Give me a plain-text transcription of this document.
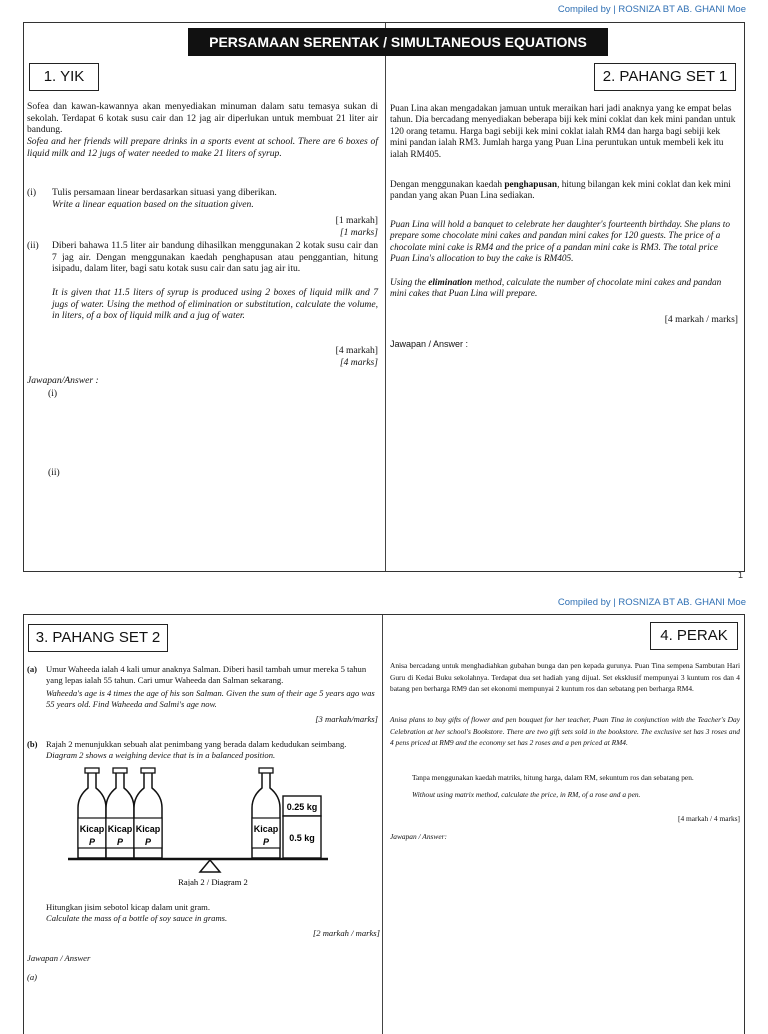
Compiled by | ROSNIZA BT AB. GHANI Moe
PERSAMAAN SERENTAK / SIMULTANEOUS EQUATIONS
1. YIK
Sofea dan kawan-kawannya akan menyediakan minuman dalam satu temasya sukan di sekolah. Terdapat 6 kotak susu cair dan 12 jag air diperlukan untuk membuat 21 liter air bandung.
Sofea and her friends will prepare drinks in a sports event at school. There are 6 boxes of liquid milk and 12 jugs of water needed to make 21 liters of syrup.
(i)	Tulis persamaan linear berdasarkan situasi yang diberikan.
Write a linear equation based on the situation given.
[1 markah]
[1 marks]
(ii)	Diberi bahawa 11.5 liter air bandung dihasilkan menggunakan 2 kotak susu cair dan 7 jag air. Dengan menggunakan kaedah penghapusan atau penggantian, hitung isipadu, dalam liter, bagi satu kotak susu cair dan satu jag air itu.
It is given that 11.5 liters of syrup is produced using 2 boxes of liquid milk and 7 jugs of water. Using the method of elimination or substitution, calculate the volume, in liters, of a box of liquid milk and a jug of water.
[4 markah]
[4 marks]
Jawapan/Answer :
(i)
(ii)
2. PAHANG SET 1
Puan Lina akan mengadakan jamuan untuk meraikan hari jadi anaknya yang ke empat belas tahun. Dia bercadang menyediakan beberapa biji kek mini coklat dan kek mini pandan untuk 120 orang tetamu. Harga bagi sebiji kek mini coklat ialah RM4 dan harga bagi sebiji kek mini pandan ialah RM3. Jumlah harga yang Puan Lina peruntukan untuk membeli kek itu ialah RM405.
Dengan menggunakan kaedah penghapusan, hitung bilangan kek mini coklat dan kek mini pandan yang akan Puan Lina sediakan.
Puan Lina will hold a banquet to celebrate her daughter's fourteenth birthday. She plans to prepare some chocolate mini cakes and pandan mini cakes for 120 guests. The price of a chocolate mini cake is RM4 and the price of a pandan mini cake is RM3. The total price Puan Lina's allocation to buy the cake is RM405.
Using the elimination method, calculate the number of chocolate mini cakes and pandan mini cakes that Puan Lina will prepare.
[4 markah / marks]
Jawapan / Answer :
1
Compiled by | ROSNIZA BT AB. GHANI Moe
3. PAHANG SET 2
(a)	Umur Waheeda ialah 4 kali umur anaknya Salman. Diberi hasil tambah umur mereka 5 tahun yang lepas ialah 55 tahun. Cari umur Waheeda dan Salman sekarang.
Waheeda's age is 4 times the age of his son Salman. Given the sum of their age 5 years ago was 55 years old. Find Waheeda and Salmi's age now.
[3 markah/marks]
(b) Rajah 2 menunjukkan sebuah alat penimbang yang berada dalam kedudukan seimbang.
Diagram 2 shows a weighing device that is in a balanced position.
Kicap
P
Kicap
P
Kicap
P
Kicap
P
0.25 kg
0.5 kg
Rajah 2 / Diagram 2
Hitungkan jisim sebotol kicap dalam unit gram.
Calculate the mass of a bottle of soy sauce in grams.
[2 markah / marks]
Jawapan / Answer
(a)
4. PERAK
Anisa bercadang untuk menghadiahkan gubahan bunga dan pen kepada gurunya. Puan Tina sempena Sambutan Hari Guru di Kedai Buku sekolahnya. Terdapat dua set hadiah yang dijual. Set eksklusif mempunyai 3 kuntum ros dan 4 batang pen berharga RM9 dan set ekonomi mempunyai 2 kuntum ros dan sebatang pen berharga RM4.
Anisa plans to buy gifts of flower and pen bouquet for her teacher, Puan Tina in conjunction with the Teacher's Day Celebration at her school's Bookstore. There are two gift sets sold in the bookstore. The exclusive set has 3 roses and 4 pens priced at RM9 and the economy set has 2 roses and a pen priced at RM4.
Tanpa menggunakan kaedah matriks, hitung harga, dalam RM, sekuntum ros dan sebatang pen.
Without using matrix method, calculate the price, in RM, of a rose and a pen.
[4 markah / 4 marks]
Jawapan / Answer:
